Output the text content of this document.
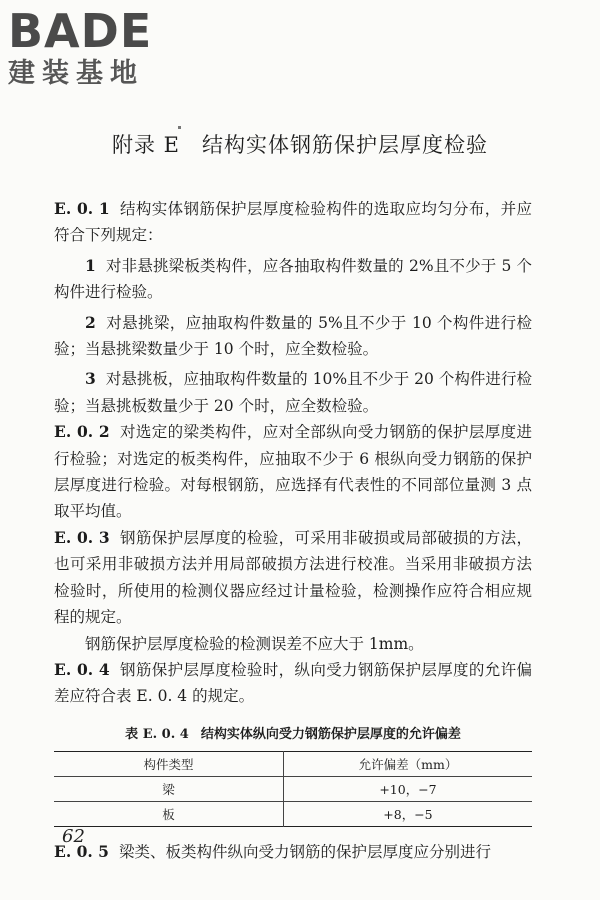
BADE
建装基地
附录 E 结构实体钢筋保护层厚度检验
E. 0. 1 结构实体钢筋保护层厚度检验构件的选取应均匀分布，并应符合下列规定：
1 对非悬挑梁板类构件，应各抽取构件数量的 2%且不少于 5 个构件进行检验。
2 对悬挑梁，应抽取构件数量的 5%且不少于 10 个构件进行检验；当悬挑梁数量少于 10 个时，应全数检验。
3 对悬挑板，应抽取构件数量的 10%且不少于 20 个构件进行检验；当悬挑板数量少于 20 个时，应全数检验。
E. 0. 2 对选定的梁类构件，应对全部纵向受力钢筋的保护层厚度进行检验；对选定的板类构件，应抽取不少于 6 根纵向受力钢筋的保护层厚度进行检验。对每根钢筋，应选择有代表性的不同部位量测 3 点取平均值。
E. 0. 3 钢筋保护层厚度的检验，可采用非破损或局部破损的方法，也可采用非破损方法并用局部破损方法进行校准。当采用非破损方法检验时，所使用的检测仪器应经过计量检验，检测操作应符合相应规程的规定。
钢筋保护层厚度检验的检测误差不应大于 1mm。
E. 0. 4 钢筋保护层厚度检验时，纵向受力钢筋保护层厚度的允许偏差应符合表 E. 0. 4 的规定。
表 E. 0. 4 结构实体纵向受力钢筋保护层厚度的允许偏差
构件类型	允许偏差（mm）
梁	+10，−7
板	+8，−5
E. 0. 5 梁类、板类构件纵向受力钢筋的保护层厚度应分别进行
62
